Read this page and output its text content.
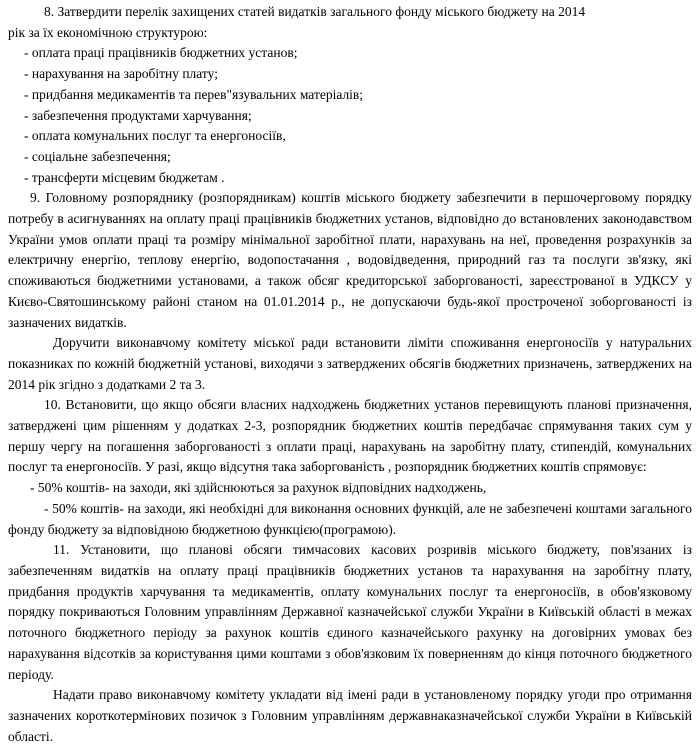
8. Затвердити перелік захищених статей видатків загального фонду міського бюджету на 2014
рік за їх економічною структурою:
- оплата праці працівників бюджетних установ;
- нарахування на заробітну плату;
- придбання медикаментів та перев"язувальних матеріалів;
- забезпечення продуктами харчування;
- оплата комунальних послуг та енергоносіїв,
- соціальне забезпечення;
- трансферти місцевим бюджетам .

9. Головному розпоряднику (розпорядникам) коштів міського бюджету забезпечити в першочерговому порядку потребу в асигнуваннях на оплату праці працівників бюджетних установ, відповідно до встановлених законодавством України умов оплати праці та розміру мінімальної заробітної плати, нарахувань на неї, проведення розрахунків за електричну енергію, теплову енергію, водопостачання , водовідведення, природний газ та послуги зв'язку, які споживаються бюджетними установами, а також обсяг кредиторської заборгованості, зареєстрованої в УДКСУ у Києво-Святошинському районі станом на 01.01.2014 р., не допускаючи будь-якої простроченої зоборгованості із зазначених видатків.

Доручити виконавчому комітету міської ради встановити ліміти споживання енергоносіїв у натуральних показниках по кожній бюджетній установі, виходячи з затверджених обсягів бюджетних призначень, затверджених на 2014 рік згідно з додатками 2 та 3.

10. Встановити, що якщо обсяги власних надходжень бюджетних установ перевищують планові призначення, затверджені цим рішенням у додатках 2-3, розпорядник бюджетних коштів передбачає спрямування таких сум у першу чергу на погашення заборгованості з оплати праці, нарахувань на заробітну плату, стипендій, комунальних послуг та енергоносіїв. У разі, якщо відсутня така заборгованість , розпорядник бюджетних коштів спрямовує:

- 50% коштів- на заходи, які здійснюються за рахунок відповідних надходжень,

- 50% коштів- на заходи, які необхідні для виконання основних функцій, але не забезпечені коштами загального фонду бюджету за відповідною бюджетною функцією(програмою).

11. Установити, що планові обсяги тимчасових касових розривів міського бюджету, пов'язаних із забезпеченням видатків на оплату праці працівників бюджетних установ та нарахування на заробітну плату, придбання продуктів харчування та медикаментів, оплату комунальних послуг та енергоносіїв, в обов'язковому порядку покриваються Головним управлінням Державної казначейської служби України в Київській області в межах поточного бюджетного періоду за рахунок коштів єдиного казначейського рахунку на договірних умовах без нарахування відсотків за користування цими коштами з обов'язковим їх поверненням до кінця поточного бюджетного періоду.

Надати право виконавчому комітету укладати від імені ради в установленому порядку угоди про отримання зазначених короткотермінових позичок з Головним управлінням державнаказначейської служби України в Київській області.
